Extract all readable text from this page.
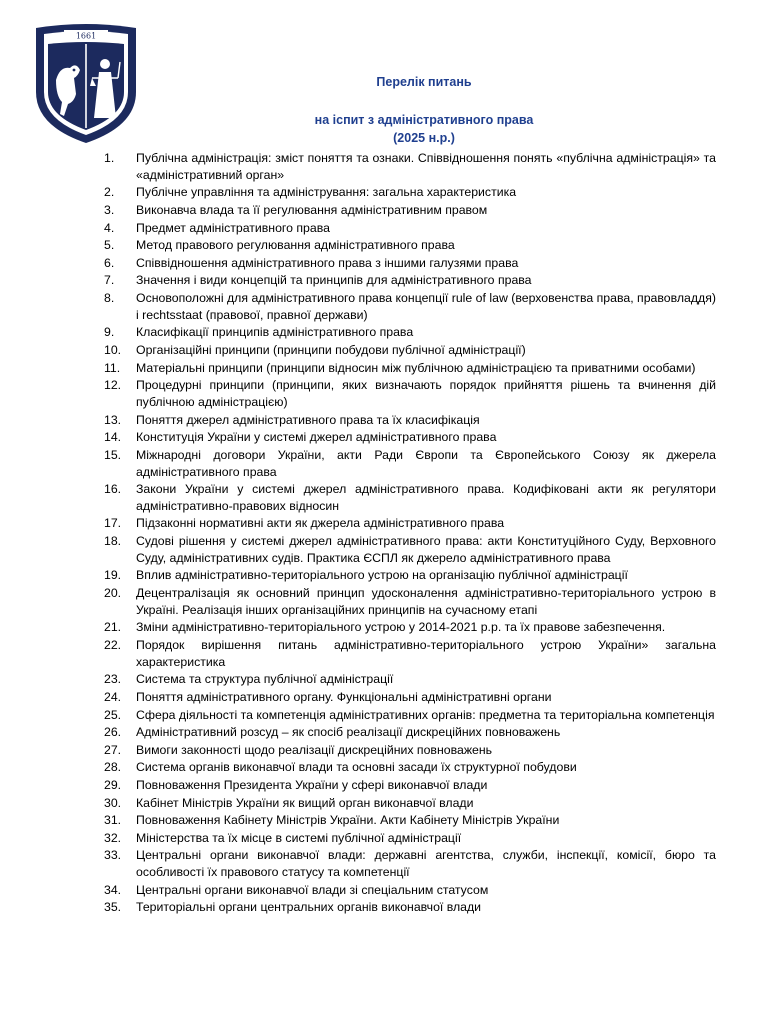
1661
Перелік питань
на іспит з адміністративного права
(2025 н.р.)
1.	Публічна адміністрація: зміст поняття та ознаки. Співвідношення понять «публічна адміністрація» та «адміністративний орган»
2.	Публічне управління та адміністрування: загальна характеристика
3.	Виконавча влада та її регулювання адміністративним правом
4.	Предмет адміністративного права
5.	Метод правового регулювання адміністративного права
6.	Співвідношення адміністративного права з іншими галузями права
7.	Значення і види концепцій та принципів для адміністративного права
8.	Основоположні для адміністративного права концепції rule of law (верховенства права, правовладдя) і rechtsstaat (правової, правної держави)
9.	Класифікації принципів адміністративного права
10.	Організаційні принципи (принципи побудови публічної адміністрації)
11.	Матеріальні принципи (принципи відносин між публічною адміністрацією та приватними особами)
12.	Процедурні принципи (принципи, яких визначають порядок прийняття рішень та вчинення дій публічною адміністрацією)
13.	Поняття джерел адміністративного права та їх класифікація
14.	Конституція України у системі джерел адміністративного права
15.	Міжнародні договори України, акти Ради Європи та Європейського Союзу як джерела адміністративного права
16.	Закони України у системі джерел адміністративного права. Кодифіковані акти як регулятори адміністративно-правових відносин
17.	Підзаконні нормативні акти як джерела адміністративного права
18.	Судові рішення у системі джерел адміністративного права: акти Конституційного Суду, Верховного Суду, адміністративних судів. Практика ЄСПЛ як джерело адміністративного права
19.	Вплив адміністративно-територіального устрою на організацію публічної адміністрації
20.	Децентралізація як основний принцип удосконалення адміністративно-територіального устрою в Україні. Реалізація інших організаційних принципів на сучасному етапі
21.	Зміни адміністративно-територіального устрою у 2014-2021 р.р. та їх правове забезпечення.
22.	Порядок вирішення питань адміністративно-територіального устрою України» загальна характеристика
23.	Система та структура публічної адміністрації
24.	Поняття адміністративного органу. Функціональні адміністративні органи
25.	Сфера діяльності та компетенція адміністративних органів: предметна та територіальна компетенція
26.	Адміністративний розсуд – як спосіб реалізації дискреційних повноважень
27.	Вимоги законності щодо реалізації дискреційних повноважень
28.	Система органів виконавчої влади та основні засади їх структурної побудови
29.	Повноваження Президента України у сфері виконавчої влади
30.	Кабінет Міністрів України як вищий орган виконавчої влади
31.	Повноваження Кабінету Міністрів України. Акти Кабінету Міністрів України
32.	Міністерства та їх місце в системі публічної адміністрації
33.	Центральні органи виконавчої влади: державні агентства, служби, інспекції, комісії, бюро та особливості їх правового статусу та компетенції
34.	Центральні органи виконавчої влади зі спеціальним статусом
35.	Територіальні органи центральних органів виконавчої влади
